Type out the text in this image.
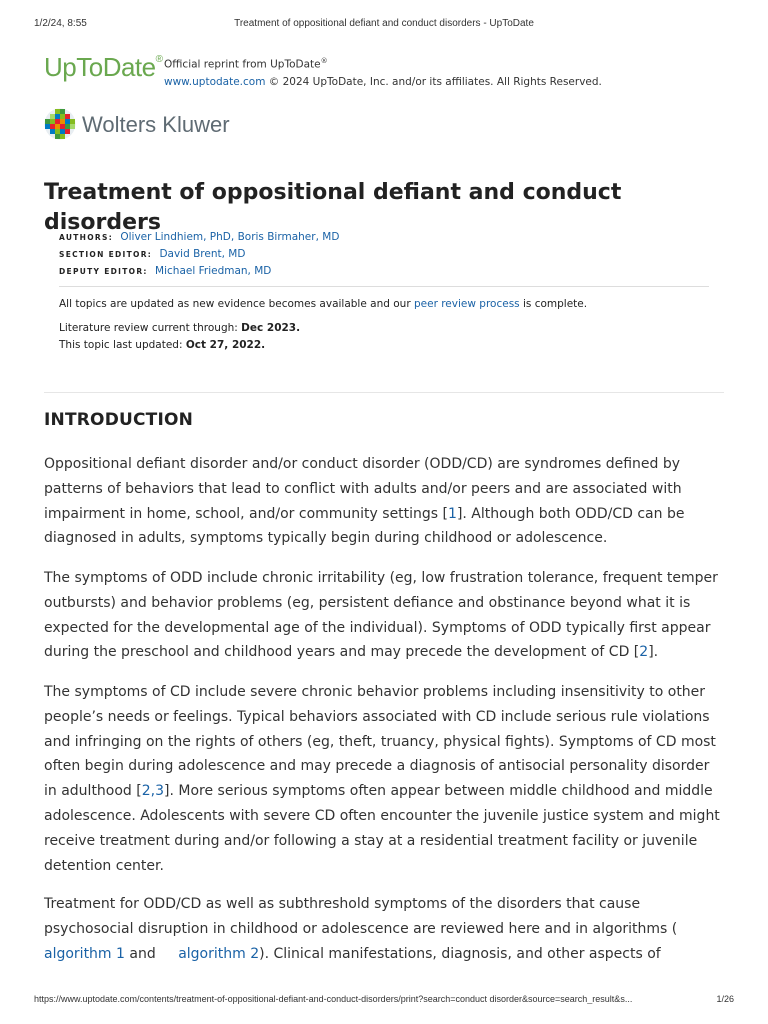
1/2/24, 8:55	Treatment of oppositional defiant and conduct disorders - UpToDate
UpToDate® Official reprint from UpToDate®
www.uptodate.com © 2024 UpToDate, Inc. and/or its affiliates. All Rights Reserved.
Wolters Kluwer
Treatment of oppositional defiant and conduct disorders
AUTHORS: Oliver Lindhiem, PhD, Boris Birmaher, MD
SECTION EDITOR: David Brent, MD
DEPUTY EDITOR: Michael Friedman, MD
All topics are updated as new evidence becomes available and our peer review process is complete.
Literature review current through: Dec 2023.
This topic last updated: Oct 27, 2022.
INTRODUCTION

Oppositional defiant disorder and/or conduct disorder (ODD/CD) are syndromes defined by patterns of behaviors that lead to conflict with adults and/or peers and are associated with impairment in home, school, and/or community settings [1]. Although both ODD/CD can be diagnosed in adults, symptoms typically begin during childhood or adolescence.

The symptoms of ODD include chronic irritability (eg, low frustration tolerance, frequent temper outbursts) and behavior problems (eg, persistent defiance and obstinance beyond what it is expected for the developmental age of the individual). Symptoms of ODD typically first appear during the preschool and childhood years and may precede the development of CD [2].

The symptoms of CD include severe chronic behavior problems including insensitivity to other people’s needs or feelings. Typical behaviors associated with CD include serious rule violations and infringing on the rights of others (eg, theft, truancy, physical fights). Symptoms of CD most often begin during adolescence and may precede a diagnosis of antisocial personality disorder in adulthood [2,3]. More serious symptoms often appear between middle childhood and middle adolescence. Adolescents with severe CD often encounter the juvenile justice system and might receive treatment during and/or following a stay at a residential treatment facility or juvenile detention center.

Treatment for ODD/CD as well as subthreshold symptoms of the disorders that cause psychosocial disruption in childhood or adolescence are reviewed here and in algorithms (algorithm 1 and algorithm 2). Clinical manifestations, diagnosis, and other aspects of

https://www.uptodate.com/contents/treatment-of-oppositional-defiant-and-conduct-disorders/print?search=conduct disorder&source=search_result&s...	1/26
